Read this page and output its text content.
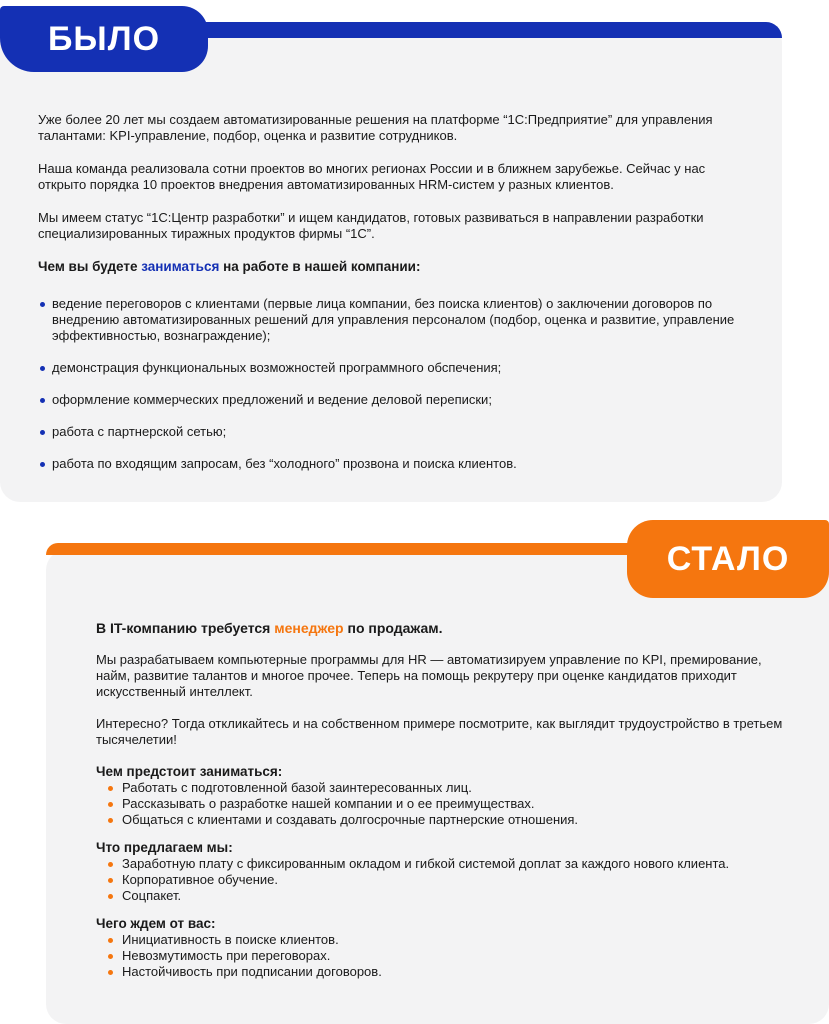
БЫЛО

Уже более 20 лет мы создаем автоматизированные решения на платформе “1С:Предприятие” для управления талантами: KPI-управление, подбор, оценка и развитие сотрудников.

Наша команда реализовала сотни проектов во многих регионах России и в ближнем зарубежье. Сейчас у нас открыто порядка 10 проектов внедрения автоматизированных HRM-систем у разных клиентов.

Мы имеем статус “1С:Центр разработки” и ищем кандидатов, готовых развиваться в направлении разработки специализированных тиражных продуктов фирмы “1С”.

Чем вы будете заниматься на работе в нашей компании:

ведение переговоров с клиентами (первые лица компании, без поиска клиентов) о заключении договоров по внедрению автоматизированных решений для управления персоналом (подбор, оценка и развитие, управление эффективностью, вознаграждение);
демонстрация функциональных возможностей программного обспечения;
оформление коммерческих предложений и ведение деловой переписки;
работа с партнерской сетью;
работа по входящим запросам, без “холодного” прозвона и поиска клиентов.
СТАЛО

В IT-компанию требуется менеджер по продажам.

Мы разрабатываем компьютерные программы для HR — автоматизируем управление по KPI, премирование, найм, развитие талантов и многое прочее. Теперь на помощь рекрутеру при оценке кандидатов приходит искусственный интеллект.

Интересно? Тогда откликайтесь и на собственном примере посмотрите, как выглядит трудоустройство в третьем тысячелетии!

Чем предстоит заниматься:

Работать с подготовленной базой заинтересованных лиц.
Рассказывать о разработке нашей компании и о ее преимуществах.
Общаться с клиентами и создавать долгосрочные партнерские отношения.

Что предлагаем мы:

Заработную плату с фиксированным окладом и гибкой системой доплат за каждого нового клиента.
Корпоративное обучение.
Соцпакет.

Чего ждем от вас:

Инициативность в поиске клиентов.
Невозмутимость при переговорах.
Настойчивость при подписании договоров.
